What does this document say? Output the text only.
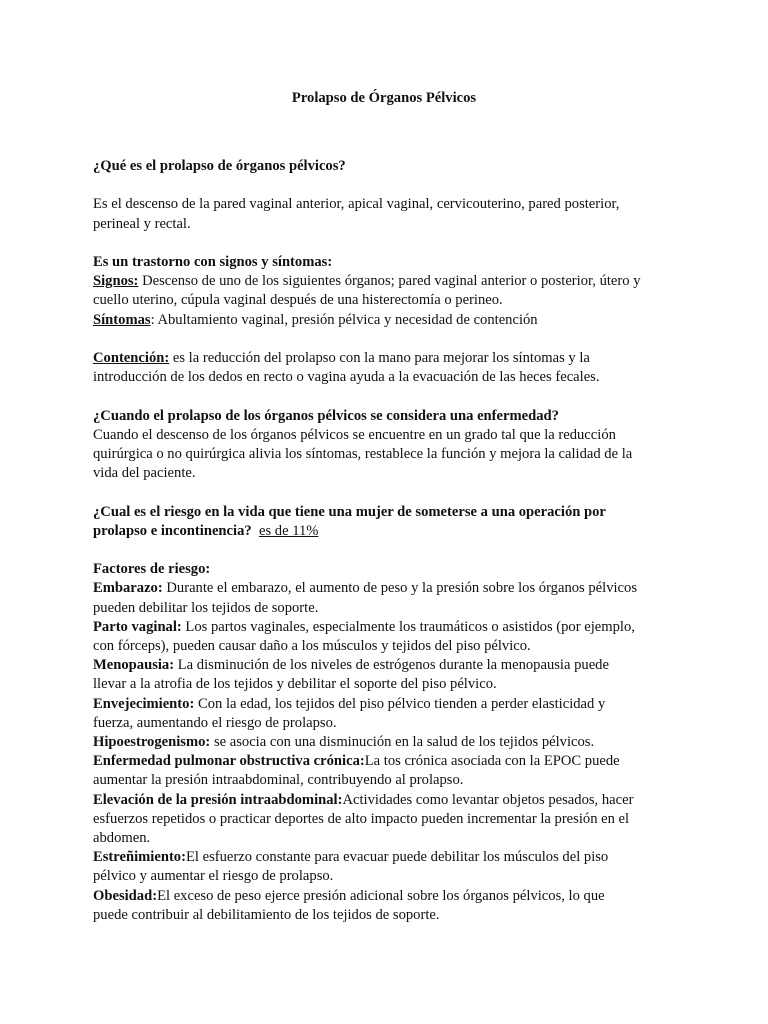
Prolapso de Órganos Pélvicos

¿Qué es el prolapso de órganos pélvicos?

Es el descenso de la pared vaginal anterior, apical vaginal, cervicouterino, pared posterior,

perineal y rectal.

Es un trastorno con signos y síntomas:

Signos: Descenso de uno de los siguientes órganos; pared vaginal anterior o posterior, útero y

cuello uterino, cúpula vaginal después de una histerectomía o perineo.

Síntomas: Abultamiento vaginal, presión pélvica y necesidad de contención

Contención: es la reducción del prolapso con la mano para mejorar los síntomas y la

introducción de los dedos en recto o vagina ayuda a la evacuación de las heces fecales.

¿Cuando el prolapso de los órganos pélvicos se considera una enfermedad?

Cuando el descenso de los órganos pélvicos se encuentre en un grado tal que la reducción

quirúrgica o no quirúrgica alivia los síntomas, restablece la función y mejora la calidad de la

vida del paciente.

¿Cual es el riesgo en la vida que tiene una mujer de someterse a una operación por

prolapso e incontinencia? es de 11%

Factores de riesgo:

Embarazo: Durante el embarazo, el aumento de peso y la presión sobre los órganos pélvicos

pueden debilitar los tejidos de soporte.

Parto vaginal: Los partos vaginales, especialmente los traumáticos o asistidos (por ejemplo,

con fórceps), pueden causar daño a los músculos y tejidos del piso pélvico.

Menopausia: La disminución de los niveles de estrógenos durante la menopausia puede

llevar a la atrofia de los tejidos y debilitar el soporte del piso pélvico.

Envejecimiento: Con la edad, los tejidos del piso pélvico tienden a perder elasticidad y

fuerza, aumentando el riesgo de prolapso.

Hipoestrogenismo: se asocia con una disminución en la salud de los tejidos pélvicos.

Enfermedad pulmonar obstructiva crónica:La tos crónica asociada con la EPOC puede

aumentar la presión intraabdominal, contribuyendo al prolapso.

Elevación de la presión intraabdominal:Actividades como levantar objetos pesados, hacer

esfuerzos repetidos o practicar deportes de alto impacto pueden incrementar la presión en el

abdomen.

Estreñimiento:El esfuerzo constante para evacuar puede debilitar los músculos del piso

pélvico y aumentar el riesgo de prolapso.

Obesidad:El exceso de peso ejerce presión adicional sobre los órganos pélvicos, lo que

puede contribuir al debilitamiento de los tejidos de soporte.
